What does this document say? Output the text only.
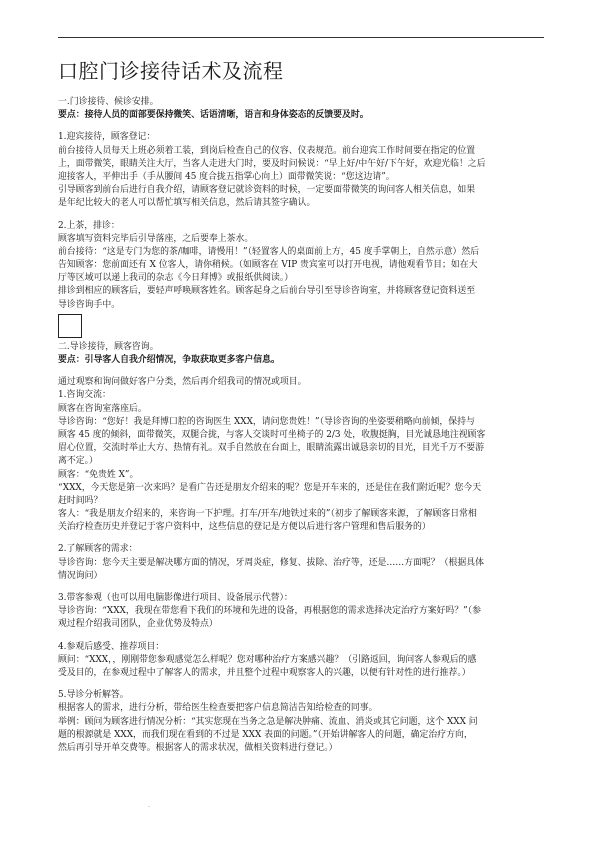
口腔门诊接待话术及流程
一.门诊接待、候诊安排。
要点：接待人员的面部要保持微笑、话语清晰，语言和身体姿态的反馈要及时。
1.迎宾接待，顾客登记：
前台接待人员每天上班必须着工装，到岗后检查自己的仪容、仪表规范。前台迎宾工作时间要在指定的位置
上，面带微笑，眼睛关注大厅，当客人走进大门时，要及时问候说：“早上好/中午好/下午好，欢迎光临！之后
迎接客人，平伸出手（手从腰间 45 度合拢五指掌心向上）面带微笑说：“您这边请”。
引导顾客到前台后进行自我介绍，请顾客登记就诊资料的时候，一定要面带微笑的询问客人相关信息，如果
是年纪比较大的老人可以帮忙填写相关信息，然后请其签字确认。
2.上茶，排诊：
顾客填写资料完毕后引导落座，之后要奉上茶水。
前台接待：“这是专门为您的茶/咖啡，请慢用！”（轻置客人的桌面前上方，45 度手掌朝上，自然示意）然后
告知顾客：您前面还有 X 位客人，请你稍候。（如顾客在 VIP 贵宾室可以打开电视，请他观看节目；如在大
厅等区域可以递上我司的杂志《今日拜博》或报纸供阅读。）
排诊到相应的顾客后，要轻声呼唤顾客姓名。顾客起身之后前台导引至导诊咨询室，并将顾客登记资料送至
导诊咨询手中。
二.导诊接待，顾客咨询。
要点：引导客人自我介绍情况，争取获取更多客户信息。
通过观察和询问做好客户分类，然后再介绍我司的情况或项目。
1.咨询交流：
顾客在咨询室落座后。
导诊咨询：“您好！我是拜博口腔的咨询医生 XXX，请问您贵姓！”（导诊咨询的坐姿要稍略向前倾，保持与
顾客 45 度的倾斜，面带微笑，双腿合拢，与客人交谈时可坐椅子的 2/3 处，收腹挺胸，目光诚恳地注视顾客
眉心位置，交流时举止大方、热情有礼。双手自然放在台面上，眼睛流露出诚恳亲切的目光，目光千万不要游
离不定。）
顾客：“免贵姓 X”。
“XXX，今天您是第一次来吗？是看广告还是朋友介绍来的呢？您是开车来的，还是住在我们附近呢？您今天
赶时间吗？
客人：“我是朋友介绍来的，来咨询一下护理。打车/开车/地铁过来的”（初步了解顾客来源，了解顾客日常相
关治疗检查历史并登记于客户资料中，这些信息的登记是方便以后进行客户管理和售后服务的）
2.了解顾客的需求：
导诊咨询：您今天主要是解决哪方面的情况，牙周炎症，修复、拔除、治疗等，还是……方面呢？（根据具体
情况询问）
3.带客参观（也可以用电脑影像进行项目、设备展示代替）：
导诊咨询：“XXX，我现在带您看下我们的环境和先进的设备，再根据您的需求选择决定治疗方案好吗？”（参
观过程介绍我司团队，企业优势及特点）
4.参观后感受、推荐项目：
顾问：“XXX，，刚刚带您参观感觉怎么样呢？您对哪种治疗方案感兴趣？（引路返回，询问客人参观后的感
受及目的，在参观过程中了解客人的需求，并且整个过程中观察客人的兴趣，以便有针对性的进行推荐。）
5.导诊分析解答。
根据客人的需求，进行分析，带给医生检查要把客户信息简洁告知给检查的同事。
举例：顾问为顾客进行情况分析：“其实您现在当务之急是解决肿痛、流血、消炎或其它问题，这个 XXX 问
题的根源就是 XXX，而我们现在看到的不过是 XXX 表面的问题。”（开始讲解客人的问题，确定治疗方向，
然后再引导开单交费等。根据客人的需求状况，做相关资料进行登记。）
.
